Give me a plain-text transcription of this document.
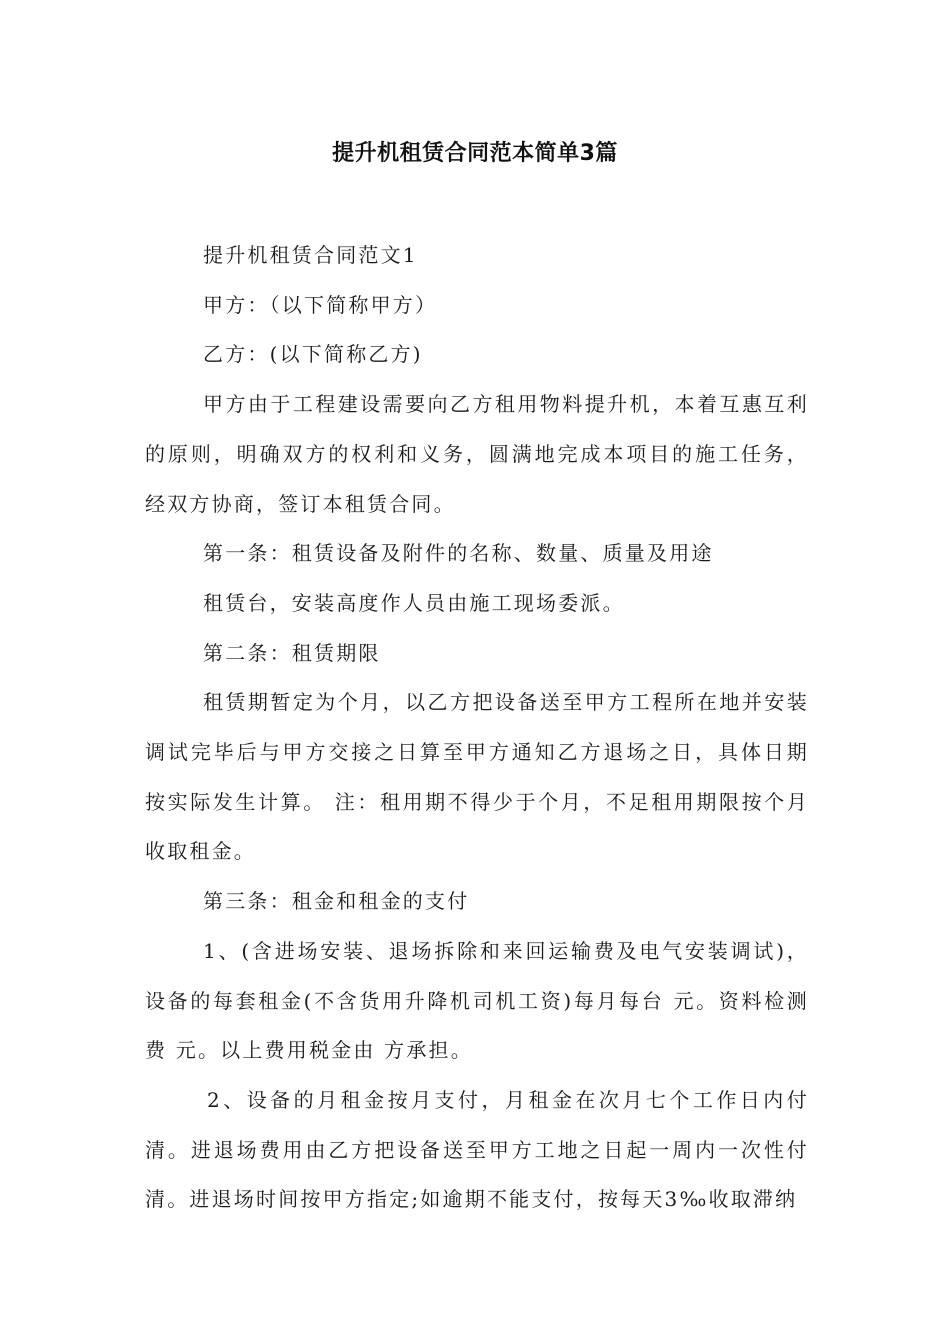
提升机租赁合同范本简单3篇

提升机租赁合同范文1

甲方：（以下简称甲方）

乙方：(以下简称乙方)

甲方由于工程建设需要向乙方租用物料提升机，本着互惠互利的原则，明确双方的权利和义务，圆满地完成本项目的施工任务，经双方协商，签订本租赁合同。

第一条：租赁设备及附件的名称、数量、质量及用途

租赁台，安装高度作人员由施工现场委派。

第二条：租赁期限

租赁期暂定为个月，以乙方把设备送至甲方工程所在地并安装调试完毕后与甲方交接之日算至甲方通知乙方退场之日，具体日期按实际发生计算。 注：租用期不得少于个月，不足租用期限按个月收取租金。

第三条：租金和租金的支付

1、(含进场安装、退场拆除和来回运输费及电气安装调试)，设备的每套租金(不含货用升降机司机工资)每月每台 元。资料检测费 元。以上费用税金由 方承担。

2、设备的月租金按月支付，月租金在次月七个工作日内付清。进退场费用由乙方把设备送至甲方工地之日起一周内一次性付清。进退场时间按甲方指定;如逾期不能支付，按每天3‰收取滞纳
